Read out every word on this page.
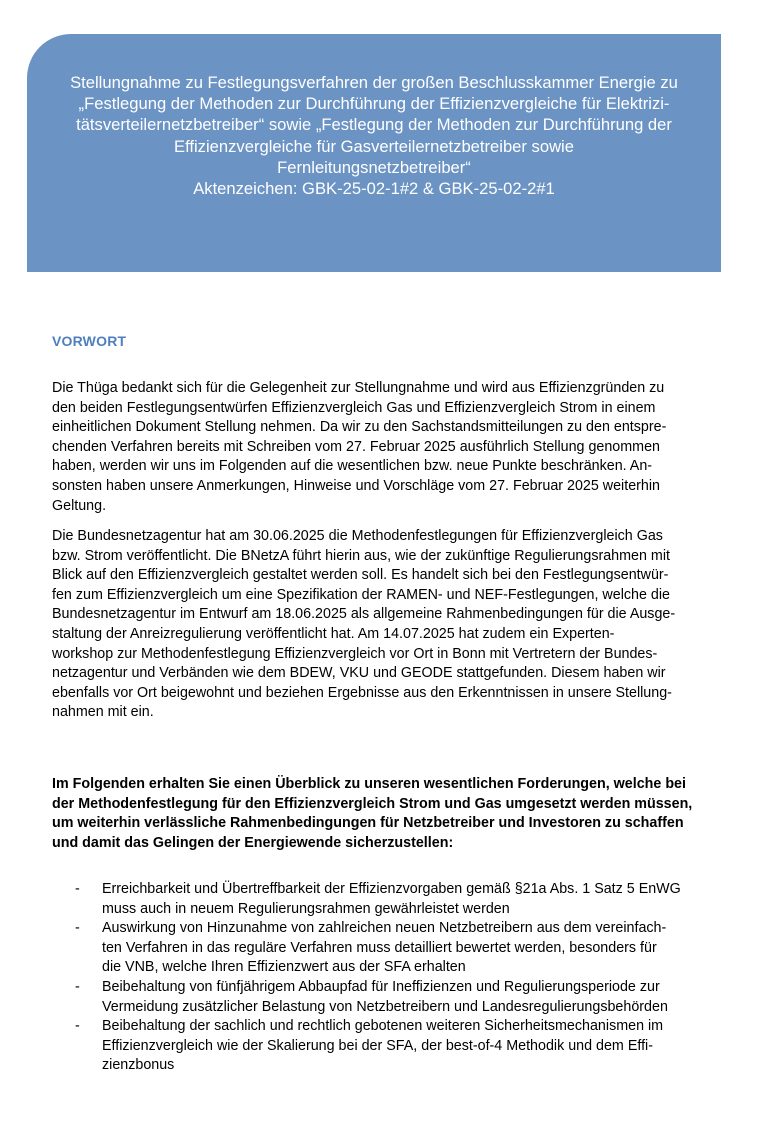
Stellungnahme zu Festlegungsverfahren der großen Beschlusskammer Energie zu
„Festlegung der Methoden zur Durchführung der Effizienzvergleiche für Elektrizi-
tätsverteilernetzbetreiber“ sowie „Festlegung der Methoden zur Durchführung der
Effizienzvergleiche für Gasverteilernetzbetreiber sowie
Fernleitungsnetzbetreiber“
Aktenzeichen: GBK-25-02-1#2 & GBK-25-02-2#1
VORWORT
Die Thüga bedankt sich für die Gelegenheit zur Stellungnahme und wird aus Effizienzgründen zu
den beiden Festlegungsentwürfen Effizienzvergleich Gas und Effizienzvergleich Strom in einem
einheitlichen Dokument Stellung nehmen. Da wir zu den Sachstandsmitteilungen zu den entspre-
chenden Verfahren bereits mit Schreiben vom 27. Februar 2025 ausführlich Stellung genommen
haben, werden wir uns im Folgenden auf die wesentlichen bzw. neue Punkte beschränken. An-
sonsten haben unsere Anmerkungen, Hinweise und Vorschläge vom 27. Februar 2025 weiterhin
Geltung.
Die Bundesnetzagentur hat am 30.06.2025 die Methodenfestlegungen für Effizienzvergleich Gas
bzw. Strom veröffentlicht. Die BNetzA führt hierin aus, wie der zukünftige Regulierungsrahmen mit
Blick auf den Effizienzvergleich gestaltet werden soll. Es handelt sich bei den Festlegungsentwür-
fen zum Effizienzvergleich um eine Spezifikation der RAMEN- und NEF-Festlegungen, welche die
Bundesnetzagentur im Entwurf am 18.06.2025 als allgemeine Rahmenbedingungen für die Ausge-
staltung der Anreizregulierung veröffentlicht hat. Am 14.07.2025 hat zudem ein Experten-
workshop zur Methodenfestlegung Effizienzvergleich vor Ort in Bonn mit Vertretern der Bundes-
netzagentur und Verbänden wie dem BDEW, VKU und GEODE stattgefunden. Diesem haben wir
ebenfalls vor Ort beigewohnt und beziehen Ergebnisse aus den Erkenntnissen in unsere Stellung-
nahmen mit ein.
Im Folgenden erhalten Sie einen Überblick zu unseren wesentlichen Forderungen, welche bei
der Methodenfestlegung für den Effizienzvergleich Strom und Gas umgesetzt werden müssen,
um weiterhin verlässliche Rahmenbedingungen für Netzbetreiber und Investoren zu schaffen
und damit das Gelingen der Energiewende sicherzustellen:
- Erreichbarkeit und Übertreffbarkeit der Effizienzvorgaben gemäß §21a Abs. 1 Satz 5 EnWG
muss auch in neuem Regulierungsrahmen gewährleistet werden
- Auswirkung von Hinzunahme von zahlreichen neuen Netzbetreibern aus dem vereinfach-
ten Verfahren in das reguläre Verfahren muss detailliert bewertet werden, besonders für
die VNB, welche Ihren Effizienzwert aus der SFA erhalten
- Beibehaltung von fünfjährigem Abbaupfad für Ineffizienzen und Regulierungsperiode zur
Vermeidung zusätzlicher Belastung von Netzbetreibern und Landesregulierungsbehörden
- Beibehaltung der sachlich und rechtlich gebotenen weiteren Sicherheitsmechanismen im
Effizienzvergleich wie der Skalierung bei der SFA, der best-of-4 Methodik und dem Effi-
zienzbonus
